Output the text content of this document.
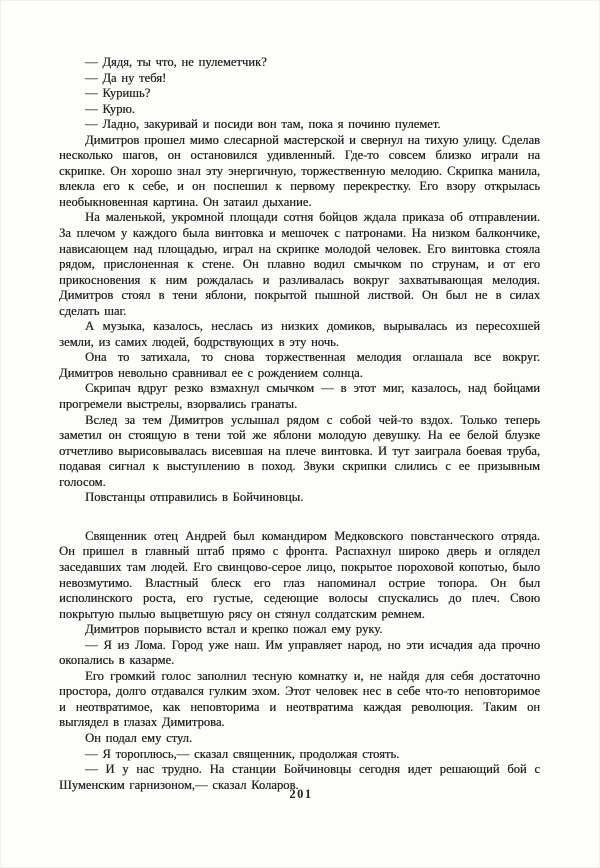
— Дядя, ты что, не пулеметчик?

— Да ну тебя!

— Куришь?

— Курю.

— Ладно, закуривай и посиди вон там, пока я починю пулемет.

Димитров прошел мимо слесарной мастерской и свернул на тихую улицу. Сделав несколько шагов, он остановился удивленный. Где-то совсем близко играли на скрипке. Он хорошо знал эту энергичную, торжественную мелодию. Скрипка манила, влекла его к себе, и он поспешил к первому перекрестку. Его взору открылась необыкновенная картина. Он затаил дыхание.

На маленькой, укромной площади сотня бойцов ждала приказа об отправлении. За плечом у каждого была винтовка и мешочек с патронами. На низком балкончике, нависающем над площадью, играл на скрипке молодой человек. Его винтовка стояла рядом, прислоненная к стене. Он плавно водил смычком по струнам, и от его прикосновения к ним рождалась и разливалась вокруг захватывающая мелодия. Димитров стоял в тени яблони, покрытой пышной листвой. Он был не в силах сделать шаг.

А музыка, казалось, неслась из низких домиков, вырывалась из пересохшей земли, из самих людей, бодрствующих в эту ночь.

Она то затихала, то снова торжественная мелодия оглашала все вокруг. Димитров невольно сравнивал ее с рождением солнца.

Скрипач вдруг резко взмахнул смычком — в этот миг, казалось, над бойцами прогремели выстрелы, взорвались гранаты.

Вслед за тем Димитров услышал рядом с собой чей-то вздох. Только теперь заметил он стоящую в тени той же яблони молодую девушку. На ее белой блузке отчетливо вырисовывалась висевшая на плече винтовка. И тут заиграла боевая труба, подавая сигнал к выступлению в поход. Звуки скрипки слились с ее призывным голосом.

Повстанцы отправились в Бойчиновцы.

Священник отец Андрей был командиром Медковского повстанческого отряда. Он пришел в главный штаб прямо с фронта. Распахнул широко дверь и оглядел заседавших там людей. Его свинцово-серое лицо, покрытое пороховой копотью, было невозмутимо. Властный блеск его глаз напоминал острие топора. Он был исполинского роста, его густые, седеющие волосы спускались до плеч. Свою покрытую пылью выцветшую рясу он стянул солдатским ремнем.

Димитров порывисто встал и крепко пожал ему руку.

— Я из Лома. Город уже наш. Им управляет народ, но эти исчадия ада прочно окопались в казарме.

Его громкий голос заполнил тесную комнатку и, не найдя для себя достаточно простора, долго отдавался гулким эхом. Этот человек нес в себе что-то неповторимое и неотвратимое, как неповторима и неотвратима каждая революция. Таким он выглядел в глазах Димитрова.

Он подал ему стул.

— Я тороплюсь,— сказал священник, продолжая стоять.

— И у нас трудно. На станции Бойчиновцы сегодня идет решающий бой с Шуменским гарнизоном,— сказал Коларов.

201
